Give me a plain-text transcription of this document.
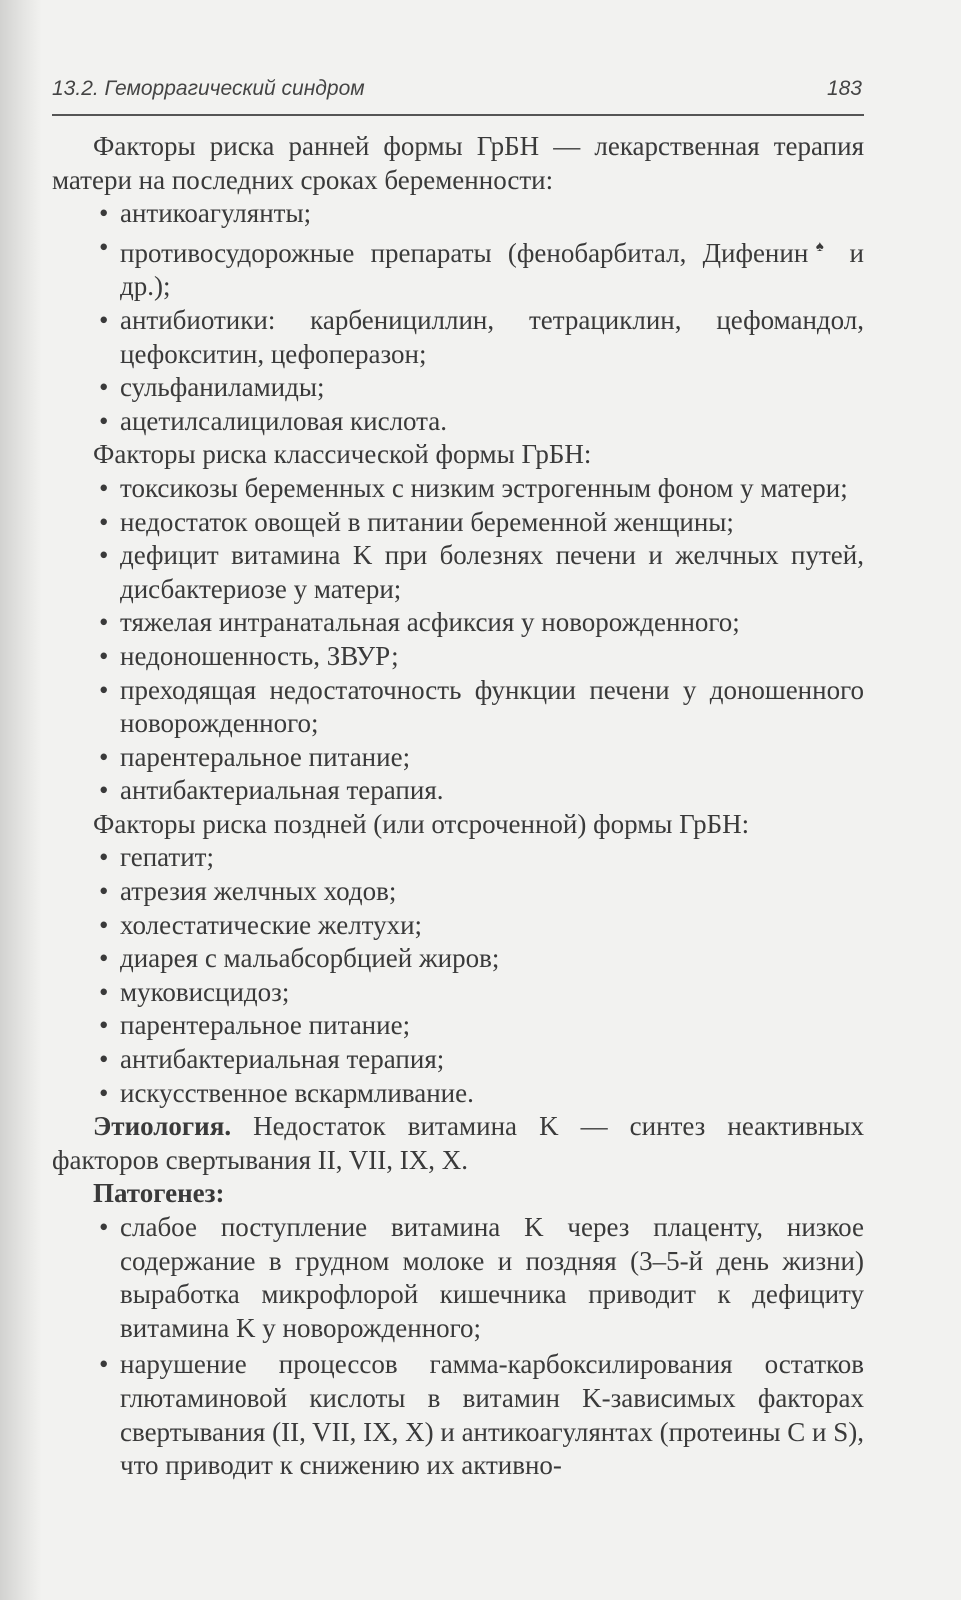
13.2. Геморрагический синдром	183

Факторы риска ранней формы ГрБН — лекарственная терапия матери на последних сроках беременности:

• антикоагулянты;
• противосудорожные препараты (фенобарбитал, Дифенин♠ и др.);
• антибиотики: карбенициллин, тетрациклин, цефомандол, цефокситин, цефоперазон;
• сульфаниламиды;
• ацетилсалициловая кислота.

Факторы риска классической формы ГрБН:

• токсикозы беременных с низким эстрогенным фоном у матери;
• недостаток овощей в питании беременной женщины;
• дефицит витамина K при болезнях печени и желчных путей, дисбактериозе у матери;
• тяжелая интранатальная асфиксия у новорожденного;
• недоношенность, ЗВУР;
• преходящая недостаточность функции печени у доношенного новорожденного;
• парентеральное питание;
• антибактериальная терапия.

Факторы риска поздней (или отсроченной) формы ГрБН:

• гепатит;
• атрезия желчных ходов;
• холестатические желтухи;
• диарея с мальабсорбцией жиров;
• муковисцидоз;
• парентеральное питание;
• антибактериальная терапия;
• искусственное вскармливание.

Этиология. Недостаток витамина K — синтез неактивных факторов свертывания II, VII, IX, X.

Патогенез:

• слабое поступление витамина K через плаценту, низкое содержание в грудном молоке и поздняя (3–5-й день жизни) выработка микрофлорой кишечника приводит к дефициту витамина K у новорожденного;
• нарушение процессов гамма-карбоксилирования остатков глютаминовой кислоты в витамин K-зависимых факторах свертывания (II, VII, IX, X) и антикоагулянтах (протеины C и S), что приводит к снижению их активно-
